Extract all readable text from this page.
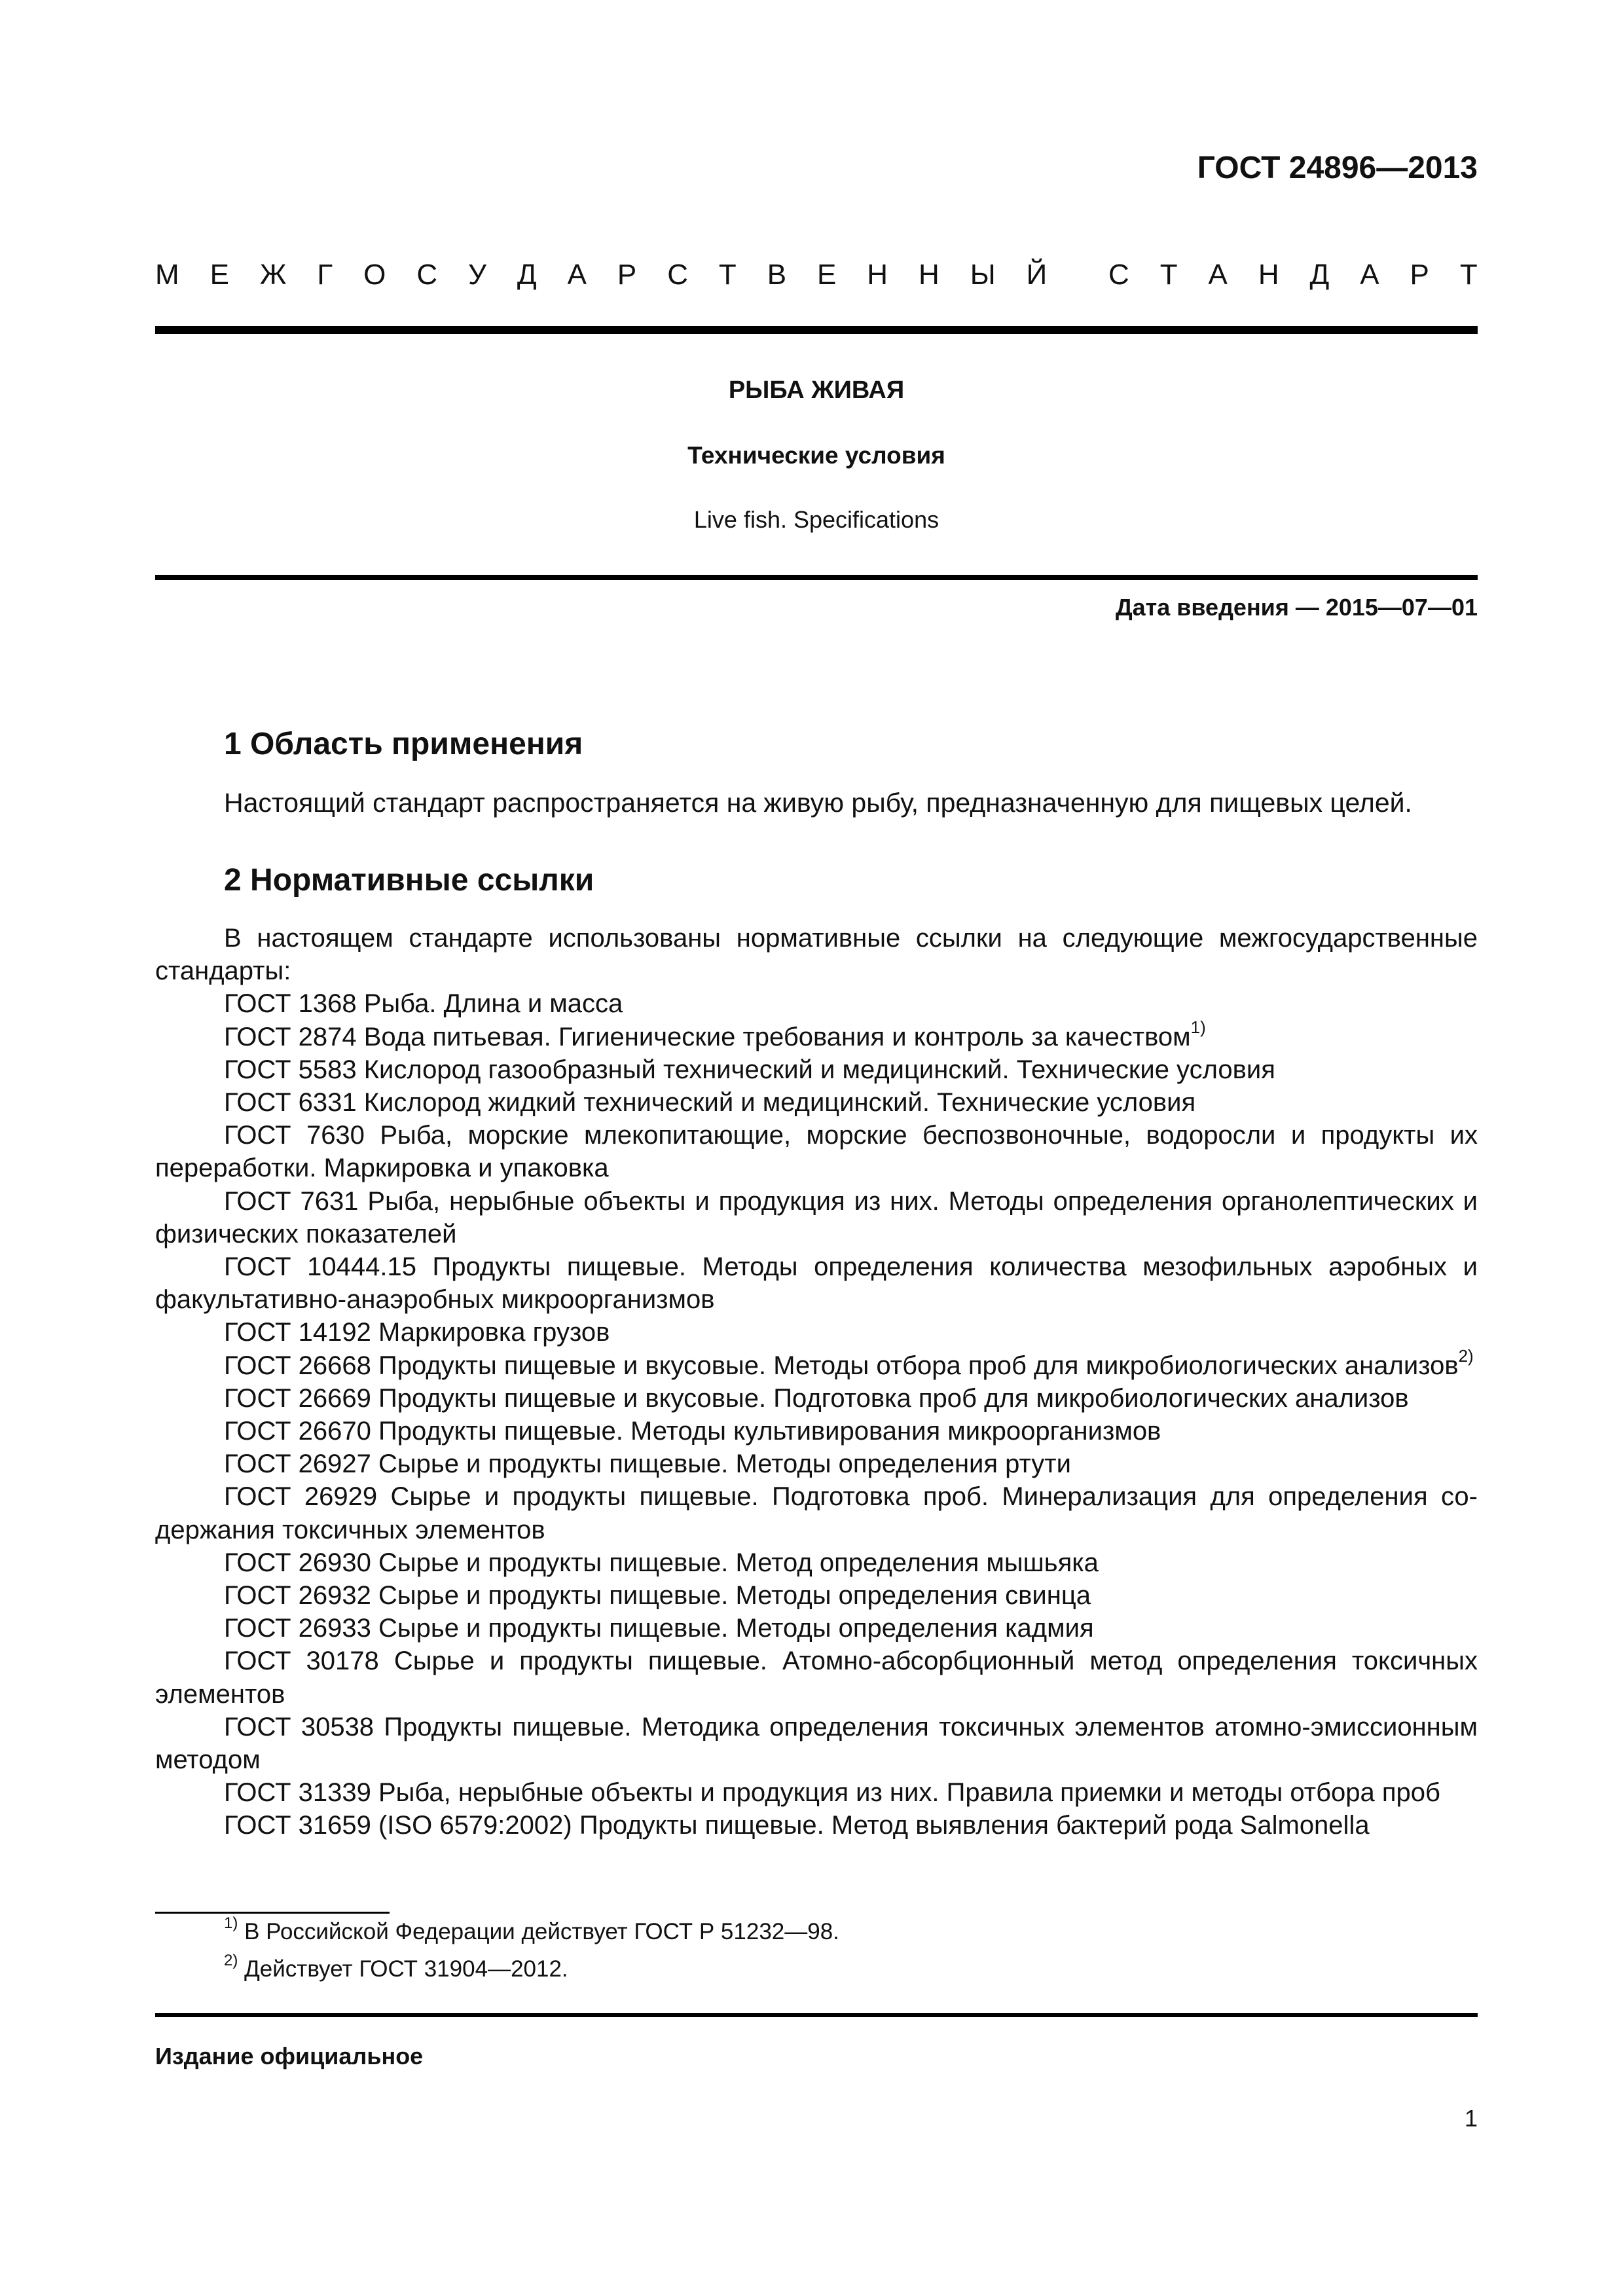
ГОСТ 24896—2013
М Е Ж Г О С У Д А Р С Т В Е Н Н Ы Й С Т А Н Д А Р Т
РЫБА ЖИВАЯ
Технические условия
Live fish. Specifications
Дата введения — 2015—07—01
1 Область применения
Настоящий стандарт распространяется на живую рыбу, предназначенную для пищевых целей.
2 Нормативные ссылки

В настоящем стандарте использованы нормативные ссылки на следующие межгосударственные стандарты:

ГОСТ 1368 Рыба. Длина и масса

ГОСТ 2874 Вода питьевая. Гигиенические требования и контроль за качеством$^{1)}$

ГОСТ 5583 Кислород газообразный технический и медицинский. Технические условия

ГОСТ 6331 Кислород жидкий технический и медицинский. Технические условия

ГОСТ 7630 Рыба, морские млекопитающие, морские беспозвоночные, водоросли и продукты их переработки. Маркировка и упаковка

ГОСТ 7631 Рыба, нерыбные объекты и продукция из них. Методы определения органолептических и физических показателей

ГОСТ 10444.15 Продукты пищевые. Методы определения количества мезофильных аэробных и факультативно-анаэробных микроорганизмов

ГОСТ 14192 Маркировка грузов

ГОСТ 26668 Продукты пищевые и вкусовые. Методы отбора проб для микробиологических анализов$^{2)}$

ГОСТ 26669 Продукты пищевые и вкусовые. Подготовка проб для микробиологических анализов

ГОСТ 26670 Продукты пищевые. Методы культивирования микроорганизмов

ГОСТ 26927 Сырье и продукты пищевые. Методы определения ртути

ГОСТ 26929 Сырье и продукты пищевые. Подготовка проб. Минерализация для определения содержания токсичных элементов

ГОСТ 26930 Сырье и продукты пищевые. Метод определения мышьяка

ГОСТ 26932 Сырье и продукты пищевые. Методы определения свинца

ГОСТ 26933 Сырье и продукты пищевые. Методы определения кадмия

ГОСТ 30178 Сырье и продукты пищевые. Атомно-абсорбционный метод определения токсичных элементов

ГОСТ 30538 Продукты пищевые. Методика определения токсичных элементов атомно-эмиссионным методом

ГОСТ 31339 Рыба, нерыбные объекты и продукция из них. Правила приемки и методы отбора проб

ГОСТ 31659 (ISO 6579:2002) Продукты пищевые. Метод выявления бактерий рода Salmonella

$^{1)}$ В Российской Федерации действует ГОСТ Р 51232—98.
$^{2)}$ Действует ГОСТ 31904—2012.
Издание официальное
1
